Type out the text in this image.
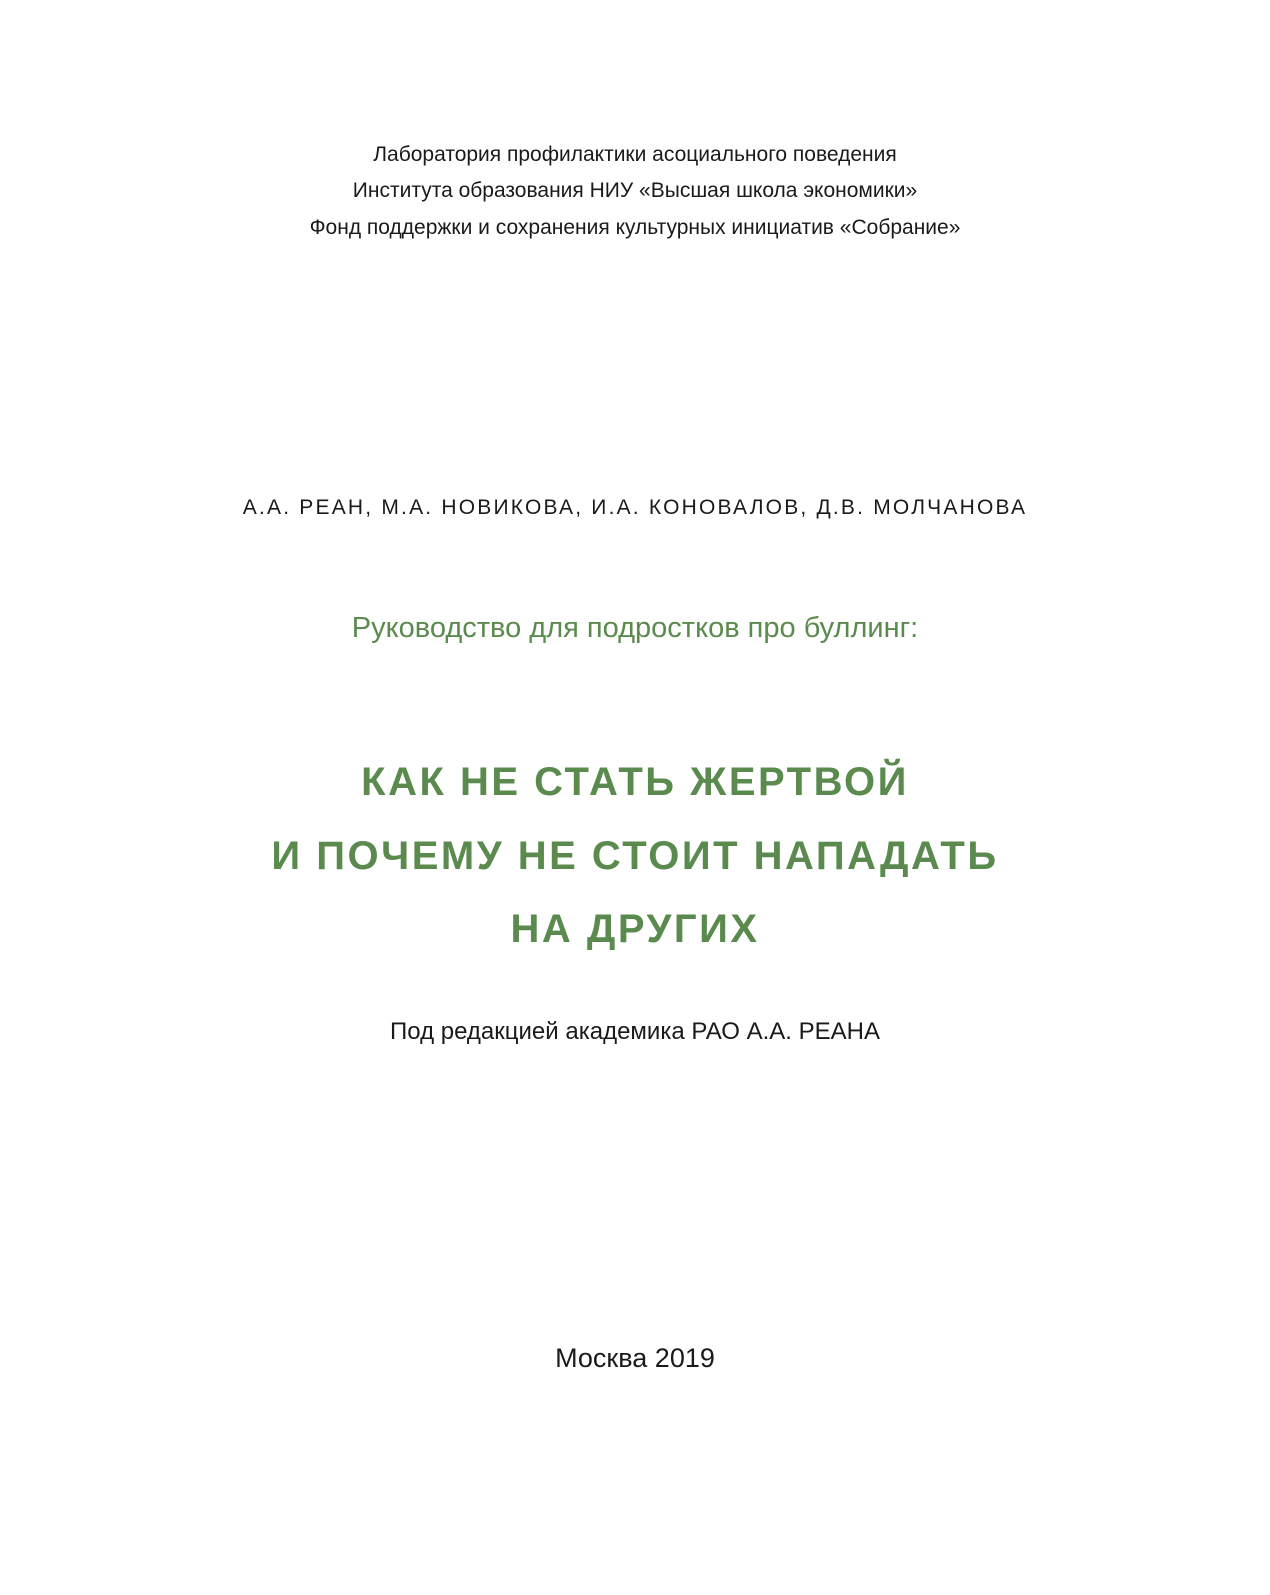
Лаборатория профилактики асоциального поведения
Института образования НИУ «Высшая школа экономики»
Фонд поддержки и сохранения культурных инициатив «Собрание»
А.А. РЕАН, М.А. НОВИКОВА, И.А. КОНОВАЛОВ, Д.В. МОЛЧАНОВА
Руководство для подростков про буллинг:
КАК НЕ СТАТЬ ЖЕРТВОЙ
И ПОЧЕМУ НЕ СТОИТ НАПАДАТЬ
НА ДРУГИХ
Под редакцией академика РАО А.А. РЕАНА
Москва 2019
